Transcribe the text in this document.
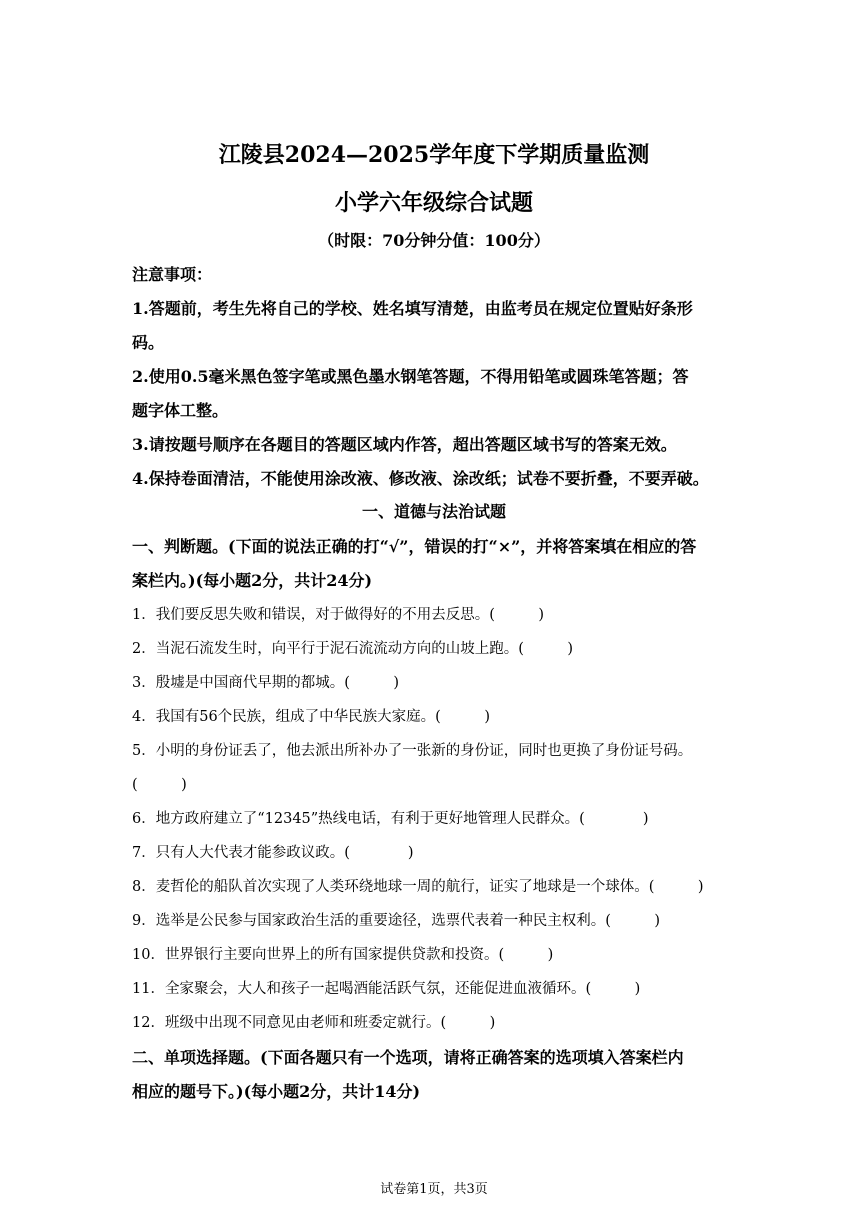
江陵县2024—2025学年度下学期质量监测
小学六年级综合试题
（时限：70分钟分值：100分）
注意事项：
1.答题前，考生先将自己的学校、姓名填写清楚，由监考员在规定位置贴好条形
码。
2.使用0.5毫米黑色签字笔或黑色墨水钢笔答题，不得用铅笔或圆珠笔答题；答
题字体工整。
3.请按题号顺序在各题目的答题区域内作答，超出答题区域书写的答案无效。
4.保持卷面清洁，不能使用涂改液、修改液、涂改纸；试卷不要折叠，不要弄破。
一、道德与法治试题
一、判断题。(下面的说法正确的打“√”，错误的打“×”，并将答案填在相应的答
案栏内。)(每小题2分，共计24分)
1．我们要反思失败和错误，对于做得好的不用去反思。(　　　)
2．当泥石流发生时，向平行于泥石流流动方向的山坡上跑。(　　　)
3．殷墟是中国商代早期的都城。(　　　)
4．我国有56个民族，组成了中华民族大家庭。(　　　)
5．小明的身份证丢了，他去派出所补办了一张新的身份证，同时也更换了身份证号码。
(　　　)
6．地方政府建立了“12345”热线电话，有利于更好地管理人民群众。(　　　　)
7．只有人大代表才能参政议政。(　　　　)
8．麦哲伦的船队首次实现了人类环绕地球一周的航行，证实了地球是一个球体。(　　　)
9．选举是公民参与国家政治生活的重要途径，选票代表着一种民主权利。(　　　)
10．世界银行主要向世界上的所有国家提供贷款和投资。(　　　)
11．全家聚会，大人和孩子一起喝酒能活跃气氛，还能促进血液循环。(　　　)
12．班级中出现不同意见由老师和班委定就行。(　　　)
二、单项选择题。(下面各题只有一个选项，请将正确答案的选项填入答案栏内
相应的题号下。)(每小题2分，共计14分)
试卷第1页，共3页
